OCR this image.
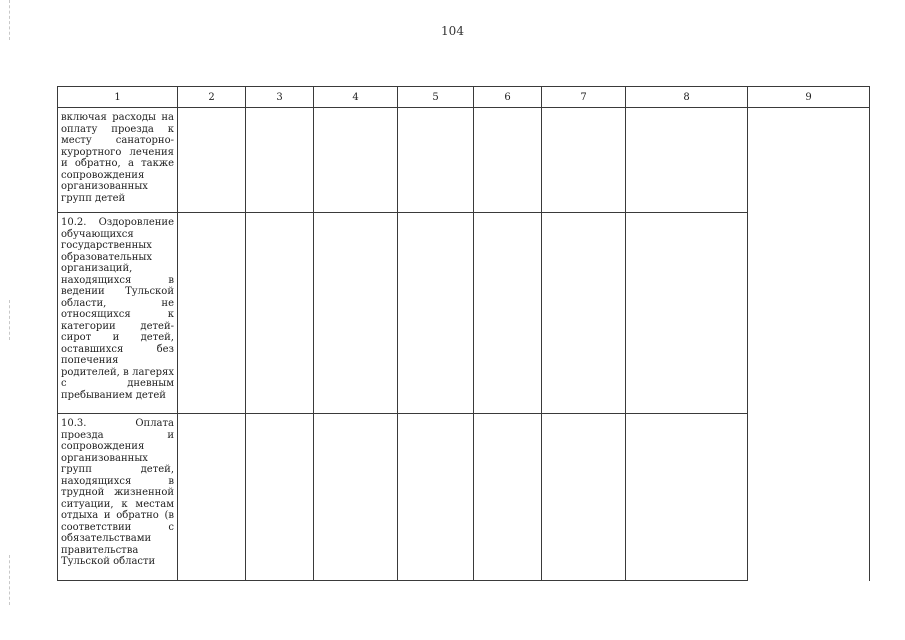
104
1	2	3	4	5	6	7	8	9

включая расходы на оплату проезда к месту санаторно-курортного лечения и обратно, а также сопровождения организованных групп детей								

10.2. Оздоровление обучающихся государственных образовательных организаций, находящихся в ведении Тульской области, не относящихся к категории детей-сирот и детей, оставшихся без попечения родителей, в лагерях с дневным пребыванием детей								

10.3. Оплата проезда и сопровождения организованных групп детей, находящихся в трудной жизненной ситуации, к местам отдыха и обратно (в соответствии с обязательствами правительства Тульской области								
